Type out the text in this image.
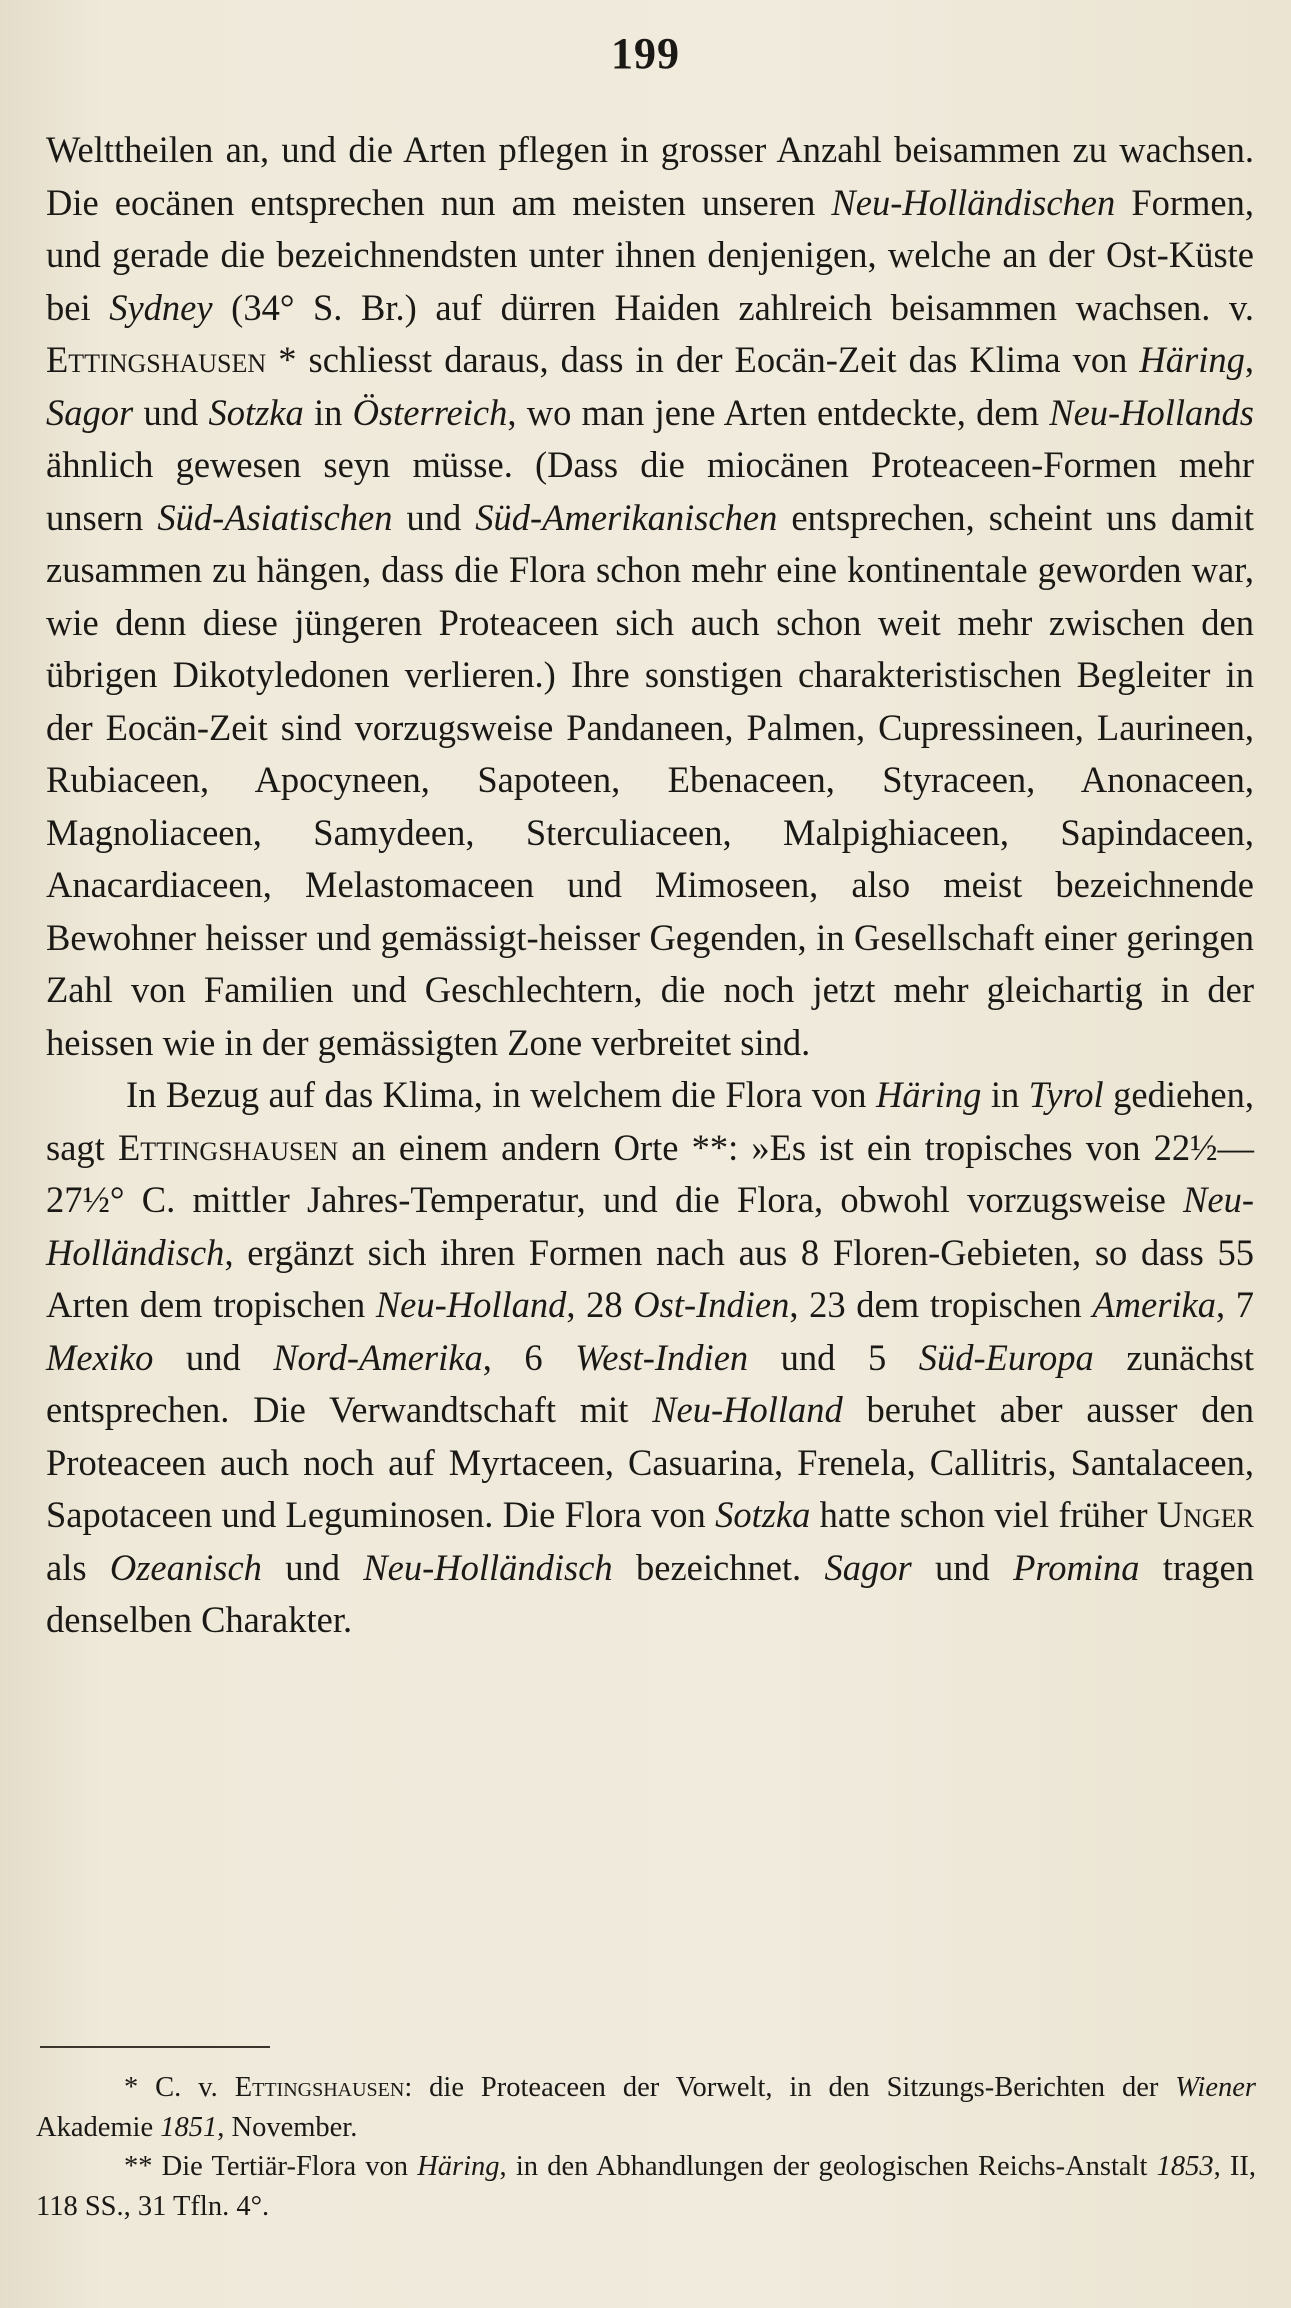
199

Welttheilen an, und die Arten pflegen in grosser Anzahl beisammen zu wachsen. Die eocänen entsprechen nun am meisten unseren Neu-Holländischen Formen, und gerade die bezeichnendsten unter ihnen denjenigen, welche an der Ost-Küste bei Sydney (34° S. Br.) auf dürren Haiden zahlreich beisammen wachsen. v. Ettingshausen * schliesst daraus, dass in der Eocän-Zeit das Klima von Häring, Sagor und Sotzka in Österreich, wo man jene Arten entdeckte, dem Neu-Hollands ähnlich gewesen seyn müsse. (Dass die miocänen Proteaceen-Formen mehr unsern Süd-Asiatischen und Süd-Amerikanischen entsprechen, scheint uns damit zusammen zu hängen, dass die Flora schon mehr eine kontinentale geworden war, wie denn diese jüngeren Proteaceen sich auch schon weit mehr zwischen den übrigen Dikotyledonen verlieren.) Ihre sonstigen charakteristischen Begleiter in der Eocän-Zeit sind vorzugsweise Pandaneen, Palmen, Cupressineen, Laurineen, Rubiaceen, Apocyneen, Sapoteen, Ebenaceen, Styraceen, Anonaceen, Magnoliaceen, Samydeen, Sterculiaceen, Malpighiaceen, Sapindaceen, Anacardiaceen, Melastomaceen und Mimoseen, also meist bezeichnende Bewohner heisser und gemässigt-heisser Gegenden, in Gesellschaft einer geringen Zahl von Familien und Geschlechtern, die noch jetzt mehr gleichartig in der heissen wie in der gemässigten Zone verbreitet sind.

In Bezug auf das Klima, in welchem die Flora von Häring in Tyrol gediehen, sagt Ettingshausen an einem andern Orte **: »Es ist ein tropisches von 22½—27½° C. mittler Jahres-Temperatur, und die Flora, obwohl vorzugsweise Neu-Holländisch, ergänzt sich ihren Formen nach aus 8 Floren-Gebieten, so dass 55 Arten dem tropischen Neu-Holland, 28 Ost-Indien, 23 dem tropischen Amerika, 7 Mexiko und Nord-Amerika, 6 West-Indien und 5 Süd-Europa zunächst entsprechen. Die Verwandtschaft mit Neu-Holland beruhet aber ausser den Proteaceen auch noch auf Myrtaceen, Casuarina, Frenela, Callitris, Santalaceen, Sapotaceen und Leguminosen. Die Flora von Sotzka hatte schon viel früher Unger als Ozeanisch und Neu-Holländisch bezeichnet. Sagor und Promina tragen denselben Charakter.

* C. v. Ettingshausen: die Proteaceen der Vorwelt, in den Sitzungs-Berichten der Wiener Akademie 1851, November.

** Die Tertiär-Flora von Häring, in den Abhandlungen der geologischen Reichs-Anstalt 1853, II, 118 SS., 31 Tfln. 4°.
